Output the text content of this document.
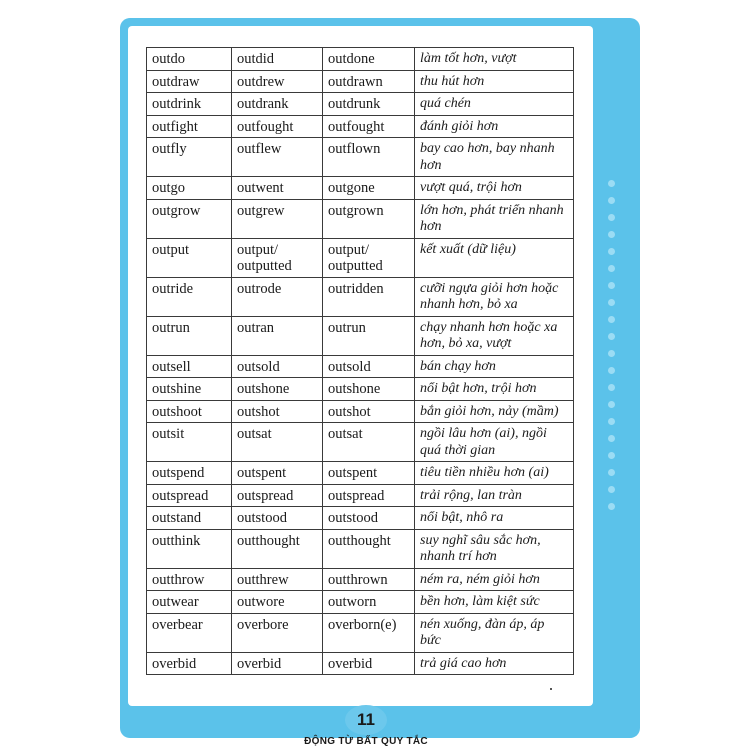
outdo	outdid	outdone	làm tốt hơn, vượt
outdraw	outdrew	outdrawn	thu hút hơn
outdrink	outdrank	outdrunk	quá chén
outfight	outfought	outfought	đánh giỏi hơn
outfly	outflew	outflown	bay cao hơn, bay nhanh hơn
outgo	outwent	outgone	vượt quá, trội hơn
outgrow	outgrew	outgrown	lớn hơn, phát triển nhanh hơn
output	output/ outputted	output/ outputted	kết xuất (dữ liệu)
outride	outrode	outridden	cưỡi ngựa giỏi hơn hoặc nhanh hơn, bỏ xa
outrun	outran	outrun	chạy nhanh hơn hoặc xa hơn, bỏ xa, vượt
outsell	outsold	outsold	bán chạy hơn
outshine	outshone	outshone	nổi bật hơn, trội hơn
outshoot	outshot	outshot	bắn giỏi hơn, nảy (mầm)
outsit	outsat	outsat	ngồi lâu hơn (ai), ngồi quá thời gian
outspend	outspent	outspent	tiêu tiền nhiều hơn (ai)
outspread	outspread	outspread	trải rộng, lan tràn
outstand	outstood	outstood	nổi bật, nhô ra
outthink	outthought	outthought	suy nghĩ sâu sắc hơn, nhanh trí hơn
outthrow	outthrew	outthrown	ném ra, ném giỏi hơn
outwear	outwore	outworn	bền hơn, làm kiệt sức
overbear	overbore	overborn(e)	nén xuống, đàn áp, áp bức
overbid	overbid	overbid	trả giá cao hơn
11
ĐỘNG TỪ BẤT QUY TẮC
